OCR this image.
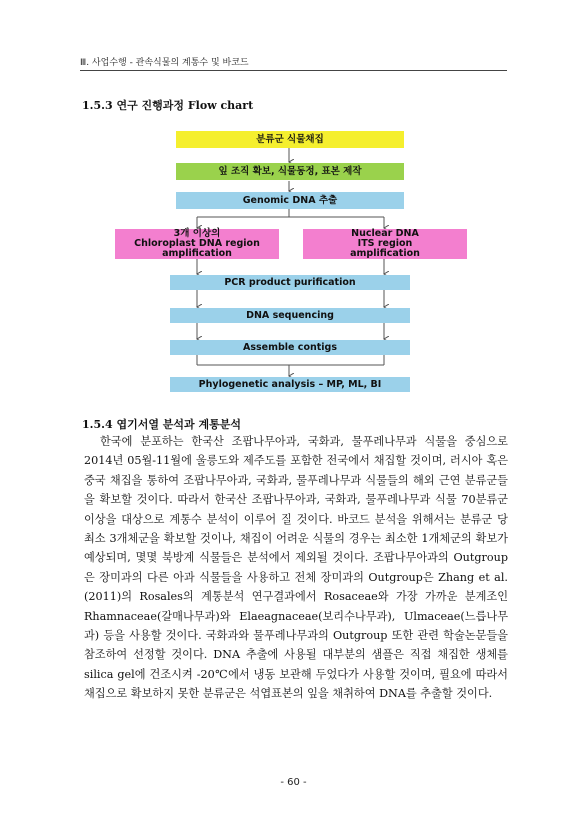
Ⅲ. 사업수행 - 관속식물의 계통수 및 바코드
1.5.3 연구 진행과정 Flow chart
분류군 식물채집
잎 조직 확보, 식물동정, 표본 제작
Genomic DNA 추출
3개 이상의
Chloroplast DNA region
amplification
Nuclear DNA
ITS region
amplification
PCR product purification
DNA sequencing
Assemble contigs
Phylogenetic analysis – MP, ML, BI
1.5.4 엽기서열 분석과 계통분석

한국에 분포하는 한국산 조팝나무아과, 국화과, 물푸레나무과 식물을 중심으로 2014년 05월-11월에 울릉도와 제주도를 포함한 전국에서 채집할 것이며, 러시아 혹은 중국 채집을 통하여 조팝나무아과, 국화과, 물푸레나무과 식물들의 해외 근연 분류군들을 확보할 것이다. 따라서 한국산 조팝나무아과, 국화과, 물푸레나무과 식물 70분류군 이상을 대상으로 계통수 분석이 이루어 질 것이다. 바코드 분석을 위해서는 분류군 당 최소 3개체군을 확보할 것이나, 채집이 어려운 식물의 경우는 최소한 1개체군의 확보가 예상되며, 몇몇 북방계 식물들은 분석에서 제외될 것이다. 조팝나무아과의 Outgroup은 장미과의 다른 아과 식물들을 사용하고 전체 장미과의 Outgroup은 Zhang et al.(2011)의 Rosales의 계통분석 연구결과에서 Rosaceae와 가장 가까운 분계조인 Rhamnaceae(갈매나무과)와 Elaeagnaceae(보리수나무과), Ulmaceae(느릅나무과) 등을 사용할 것이다. 국화과와 물푸레나무과의 Outgroup 또한 관련 학술논문들을 참조하여 선정할 것이다. DNA 추출에 사용될 대부분의 샘플은 직접 채집한 생체를 silica gel에 건조시켜 -20℃에서 냉동 보관해 두었다가 사용할 것이며, 필요에 따라서 채집으로 확보하지 못한 분류군은 석엽표본의 잎을 채취하여 DNA를 추출할 것이다.

- 60 -
